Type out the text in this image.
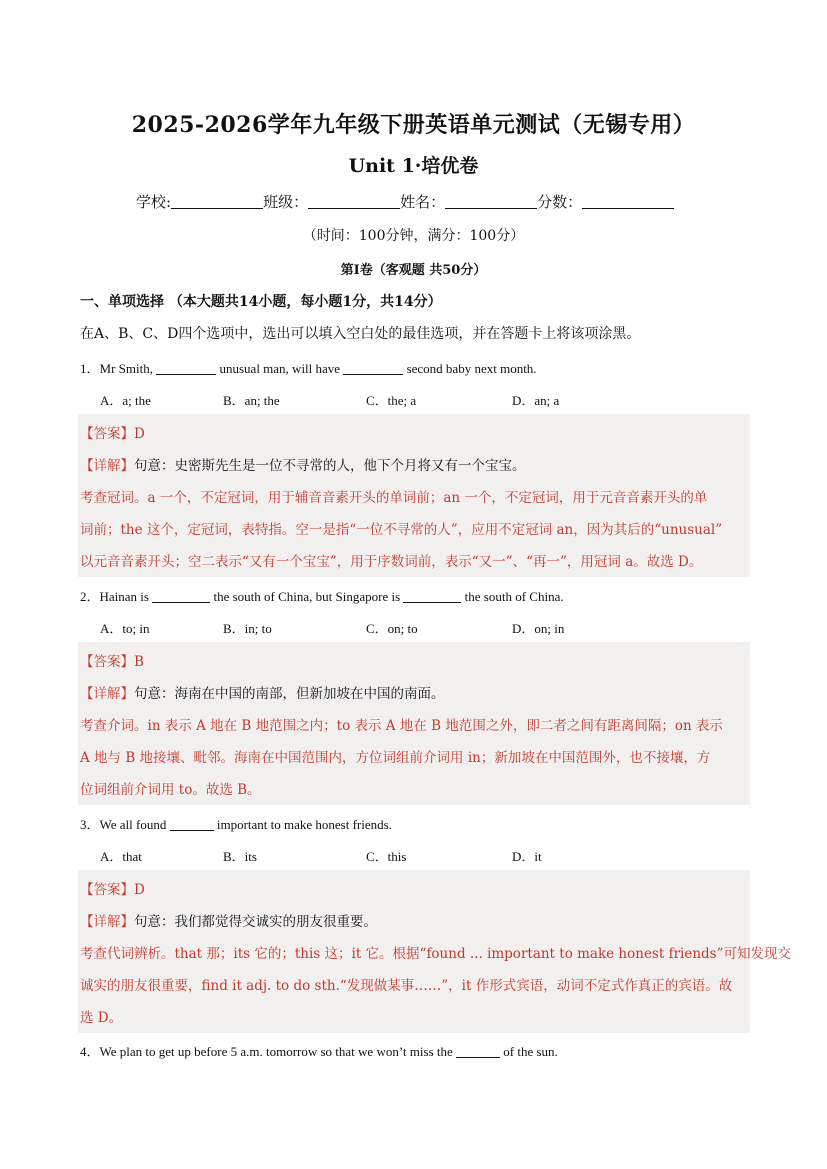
2025-2026学年九年级下册英语单元测试（无锡专用）
Unit 1·培优卷
学校:	班级：	姓名：	分数：
（时间：100分钟，满分：100分）
第I卷（客观题 共50分）
一、单项选择 （本大题共14小题，每小题1分，共14分）
在A、B、C、D四个选项中，选出可以填入空白处的最佳选项，并在答题卡上将该项涂黑。
1．Mr Smith,	unusual man, will have	second baby next month.
A．a; the	B．an; the	C．the; a	D．an; a
【答案】D
【详解】句意：史密斯先生是一位不寻常的人，他下个月将又有一个宝宝。
考查冠词。a 一个，不定冠词，用于辅音音素开头的单词前；an 一个，不定冠词，用于元音音素开头的单
词前；the 这个，定冠词，表特指。空一是指“一位不寻常的人”，应用不定冠词 an，因为其后的“unusual”
以元音音素开头；空二表示“又有一个宝宝”，用于序数词前，表示“又一”、“再一”，用冠词 a。故选 D。
2．Hainan is	the south of China, but Singapore is	the south of China.
A．to; in	B．in; to	C．on; to	D．on; in
【答案】B
【详解】句意：海南在中国的南部，但新加坡在中国的南面。
考查介词。in 表示 A 地在 B 地范围之内；to 表示 A 地在 B 地范围之外，即二者之间有距离间隔；on 表示
A 地与 B 地接壤、毗邻。海南在中国范围内，方位词组前介词用 in；新加坡在中国范围外，也不接壤，方
位词组前介词用 to。故选 B。
3．We all found	important to make honest friends.
A．that	B．its	C．this	D．it
【答案】D
【详解】句意：我们都觉得交诚实的朋友很重要。
考查代词辨析。that 那；its 它的；this 这；it 它。根据“found ... important to make honest friends”可知发现交
诚实的朋友很重要，find it adj. to do sth.“发现做某事……”，it 作形式宾语，动词不定式作真正的宾语。故
选 D。
4．We plan to get up before 5 a.m. tomorrow so that we won’t miss the	of the sun.
